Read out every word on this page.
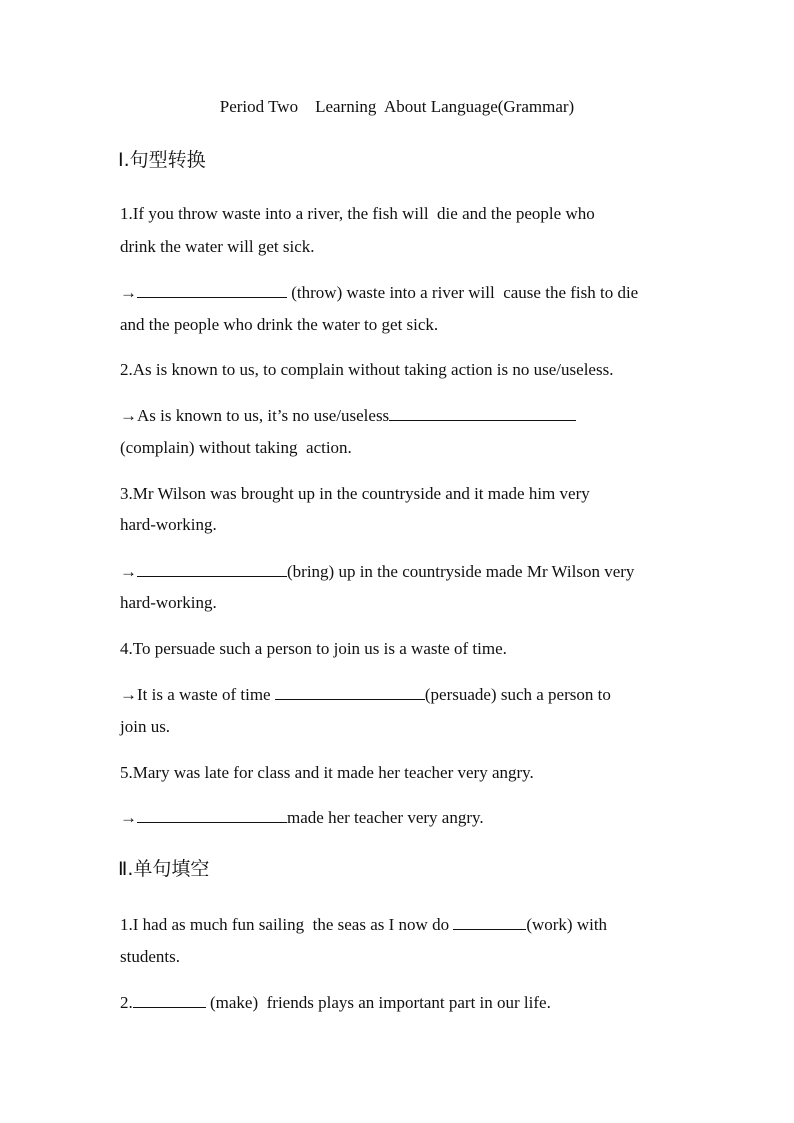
Period Two    Learning  About Language(Grammar)
Ⅰ.句型转换
1.If you throw waste into a river, the fish will  die and the people who
drink the water will get sick.
→	(throw) waste into a river will  cause the fish to die
and the people who drink the water to get sick.
2.As is known to us, to complain without taking action is no use/useless.
→As is known to us, it’s no use/useless
(complain) without taking  action.
3.Mr Wilson was brought up in the countryside and it made him very
hard-working.
→	(bring) up in the countryside made Mr Wilson very
hard-working.
4.To persuade such a person to join us is a waste of time.
→It is a waste of time	(persuade) such a person to
join us.
5.Mary was late for class and it made her teacher very angry.
→	made her teacher very angry.
Ⅱ.单句填空
1.I had as much fun sailing  the seas as I now do	(work) with
students.
2.	(make)  friends plays an important part in our life.
